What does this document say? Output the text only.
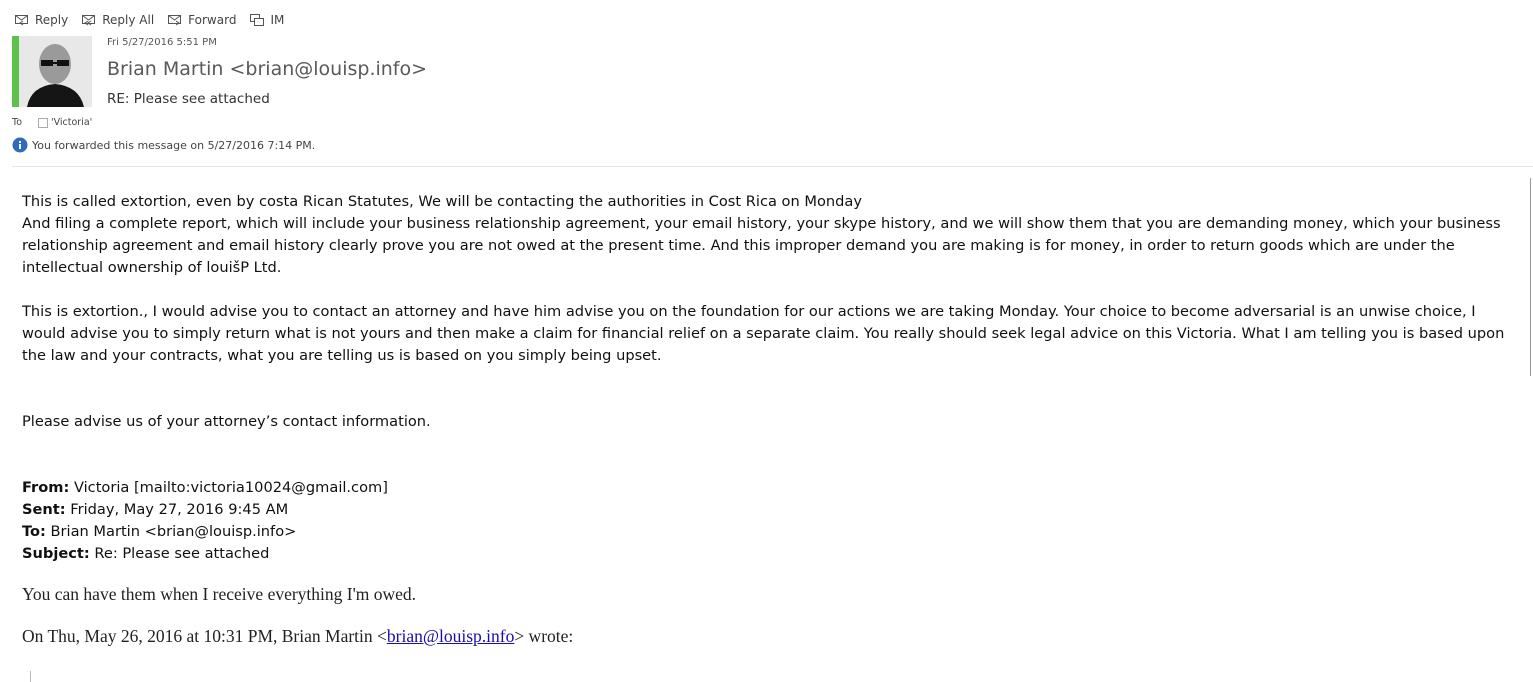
Reply	Reply All	Forward	IM
Fri 5/27/2016 5:51 PM
Brian Martin <brian@louisp.info>
RE: Please see attached
To	'Victoria'
You forwarded this message on 5/27/2016 7:14 PM.

This is called extortion, even by costa Rican Statutes, We will be contacting the authorities in Cost Rica on Monday

And filing a complete report, which will include your business relationship agreement, your email history, your skype history, and we will show them that you are demanding money, which your business relationship agreement and email history clearly prove you are not owed at the present time. And this improper demand you are making is for money, in order to return goods which are under the intellectual ownership of louišP Ltd.

This is extortion., I would advise you to contact an attorney and have him advise you on the foundation for our actions we are taking Monday. Your choice to become adversarial is an unwise choice, I would advise you to simply return what is not yours and then make a claim for financial relief on a separate claim. You really should seek legal advice on this Victoria. What I am telling you is based upon the law and your contracts, what you are telling us is based on you simply being upset.

Please advise us of your attorney’s contact information.

From: Victoria [mailto:victoria10024@gmail.com]

Sent: Friday, May 27, 2016 9:45 AM

To: Brian Martin <brian@louisp.info>

Subject: Re: Please see attached

You can have them when I receive everything I'm owed.
On Thu, May 26, 2016 at 10:31 PM, Brian Martin <brian@louisp.info> wrote:
